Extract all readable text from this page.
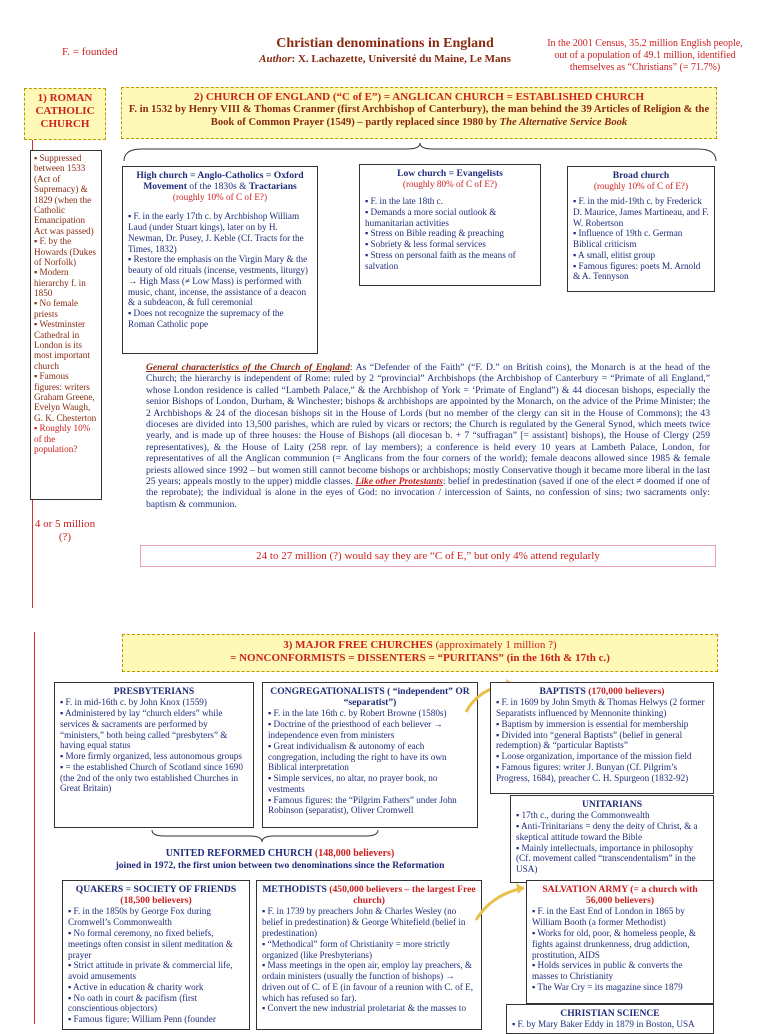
F. = founded
Christian denominations in England
Author: X. Lachazette, Université du Maine, Le Mans
In the 2001 Census, 35.2 million English people, out of a population of 49.1 million, identified themselves as “Christians” (= 71.7%)
1) ROMAN CATHOLIC CHURCH
▪ Suppressed between 1533 (Act of Supremacy) & 1829 (when the Catholic Emancipation Act was passed)
▪ F. by the Howards (Dukes of Norfolk)
▪ Modern hierarchy f. in 1850
▪ No female priests
▪ Westminster Cathedral in London is its most important church
▪ Famous figures: writers Graham Greene, Evelyn Waugh, G. K. Chesterton
▪ Roughly 10% of the population?
4 or 5 million (?)
2) CHURCH OF ENGLAND (“C of E”) = ANGLICAN CHURCH = ESTABLISHED CHURCH
F. in 1532 by Henry VIII & Thomas Cranmer (first Archbishop of Canterbury), the man behind the 39 Articles of Religion & the Book of Common Prayer (1549) – partly replaced since 1980 by The Alternative Service Book
High church = Anglo-Catholics = Oxford Movement of the 1830s & Tractarians
(roughly 10% of C of E?)
▪ F. in the early 17th c. by Archbishop William Laud (under Stuart kings), later on by H. Newman, Dr. Pusey, J. Keble (Cf. Tracts for the Times, 1832)
▪ Restore the emphasis on the Virgin Mary & the beauty of old rituals (incense, vestments, liturgy) → High Mass (≠ Low Mass) is performed with music, chant, incense, the assistance of a deacon & a subdeacon, & full ceremonial
▪ Does not recognize the supremacy of the Roman Catholic pope
Low church = Evangelists
(roughly 80% of C of E?)
▪ F. in the late 18th c.
▪ Demands a more social outlook & humanitarian activities
▪ Stress on Bible reading & preaching
▪ Sobriety & less formal services
▪ Stress on personal faith as the means of salvation
Broad church
(roughly 10% of C of E?)
▪ F. in the mid-19th c. by Frederick D. Maurice, James Martineau, and F. W. Robertson
▪ Influence of 19th c. German Biblical criticism
▪ A small, elitist group
▪ Famous figures: poets M. Arnold & A. Tennyson
General characteristics of the Church of England: As “Defender of the Faith” (“F. D.” on British coins), the Monarch is at the head of the Church; the hierarchy is independent of Rome: ruled by 2 “provincial” Archbishops (the Archbishop of Canterbury = “Primate of all England,” whose London residence is called “Lambeth Palace,” & the Archbishop of York = ‘Primate of England”) & 44 diocesan bishops, especially the senior Bishops of London, Durham, & Winchester; bishops & archbishops are appointed by the Monarch, on the advice of the Prime Minister; the 2 Archbishops & 24 of the diocesan bishops sit in the House of Lords (but no member of the clergy can sit in the House of Commons); the 43 dioceses are divided into 13,500 parishes, which are ruled by vicars or rectors; the Church is regulated by the General Synod, which meets twice yearly, and is made up of three houses: the House of Bishops (all diocesan b. + 7 “suffragan” [= assistant] bishops), the House of Clergy (259 representatives), & the House of Laity (258 repr. of lay members); a conference is held every 10 years at Lambeth Palace, London, for representatives of all the Anglican communion (= Anglicans from the four corners of the world); female deacons allowed since 1985 & female priests allowed since 1992 – but women still cannot become bishops or archbishops; mostly Conservative though it became more liberal in the last 25 years; appeals mostly to the upper) middle classes. Like other Protestants: belief in predestination (saved if one of the elect ≠ doomed if one of the reprobate); the individual is alone in the eyes of God: no invocation / intercession of Saints, no confession of sins; two sacraments only: baptism & communion.
24 to 27 million (?) would say they are “C of E,” but only 4% attend regularly
3) MAJOR FREE CHURCHES (approximately 1 million ?)
= NONCONFORMISTS = DISSENTERS = “PURITANS” (in the 16th & 17th c.)
PRESBYTERIANS
▪ F. in mid-16th c. by John Knox (1559)
▪ Administered by lay “church elders” while services & sacraments are performed by “ministers,” both being called “presbyters” & having equal status
▪ More firmly organized, less autonomous groups
▪ = the established Church of Scotland since 1690 (the 2nd of the only two established Churches in Great Britain)
CONGREGATIONALISTS ( “independent” OR “separatist”)
▪ F. in the late 16th c. by Robert Browne (1580s)
▪ Doctrine of the priesthood of each believer → independence even from ministers
▪ Great individualism & autonomy of each congregation, including the right to have its own Biblical interpretation
▪ Simple services, no altar, no prayer book, no vestments
▪ Famous figures: the “Pilgrim Fathers” under John Robinson (separatist), Oliver Cromwell
BAPTISTS (170,000 believers)
▪ F. in 1609 by John Smyth & Thomas Helwys (2 former Separatists influenced by Mennonite thinking)
▪ Baptism by immersion is essential for membership
▪ Divided into “general Baptists” (belief in general redemption) & “particular Baptists”
▪ Loose organization, importance of the mission field
▪ Famous figures: writer J. Bunyan (Cf. Pilgrim’s Progress, 1684), preacher C. H. Spurgeon (1832-92)
UNITARIANS
▪ 17th c., during the Commonwealth
▪ Anti-Trinitarians = deny the deity of Christ, & a skeptical attitude toward the Bible
▪ Mainly intellectuals, importance in philosophy (Cf. movement called “transcendentalism” in the USA)
UNITED REFORMED CHURCH (148,000 believers)
joined in 1972, the first union between two denominations since the Reformation
QUAKERS = SOCIETY OF FRIENDS
(18,500 believers)
▪ F. in the 1850s by George Fox during Cromwell’s Commonwealth
▪ No formal ceremony, no fixed beliefs, meetings often consist in silent meditation & prayer
▪ Strict attitude in private & commercial life, avoid amusements
▪ Active in education & charity work
▪ No oath in court & pacifism (first conscientious objectors)
▪ Famous figure: William Penn (founder
METHODISTS (450,000 believers – the largest Free church)
▪ F. in 1739 by preachers John & Charles Wesley (no belief in predestination) & George Whitefield (belief in predestination)
▪ “Methodical” form of Christianity = more strictly organized (like Presbyterians)
▪ Mass meetings in the open air, employ lay preachers, & ordain ministers (usually the function of bishops) → driven out of C. of E (in favour of a reunion with C. of E, which has refused so far).
▪ Convert the new industrial proletariat & the masses to
SALVATION ARMY (= a church with 56,000 believers)
▪ F. in the East End of London in 1865 by William Booth (a former Methodist)
▪ Works for old, poor, & homeless people, & fights against drunkenness, drug addiction, prostitution, AIDS
▪ Holds services in public & converts the masses to Christianity
▪ The War Cry = its magazine since 1879
CHRISTIAN SCIENCE
▪ F. by Mary Baker Eddy in 1879 in Boston, USA
